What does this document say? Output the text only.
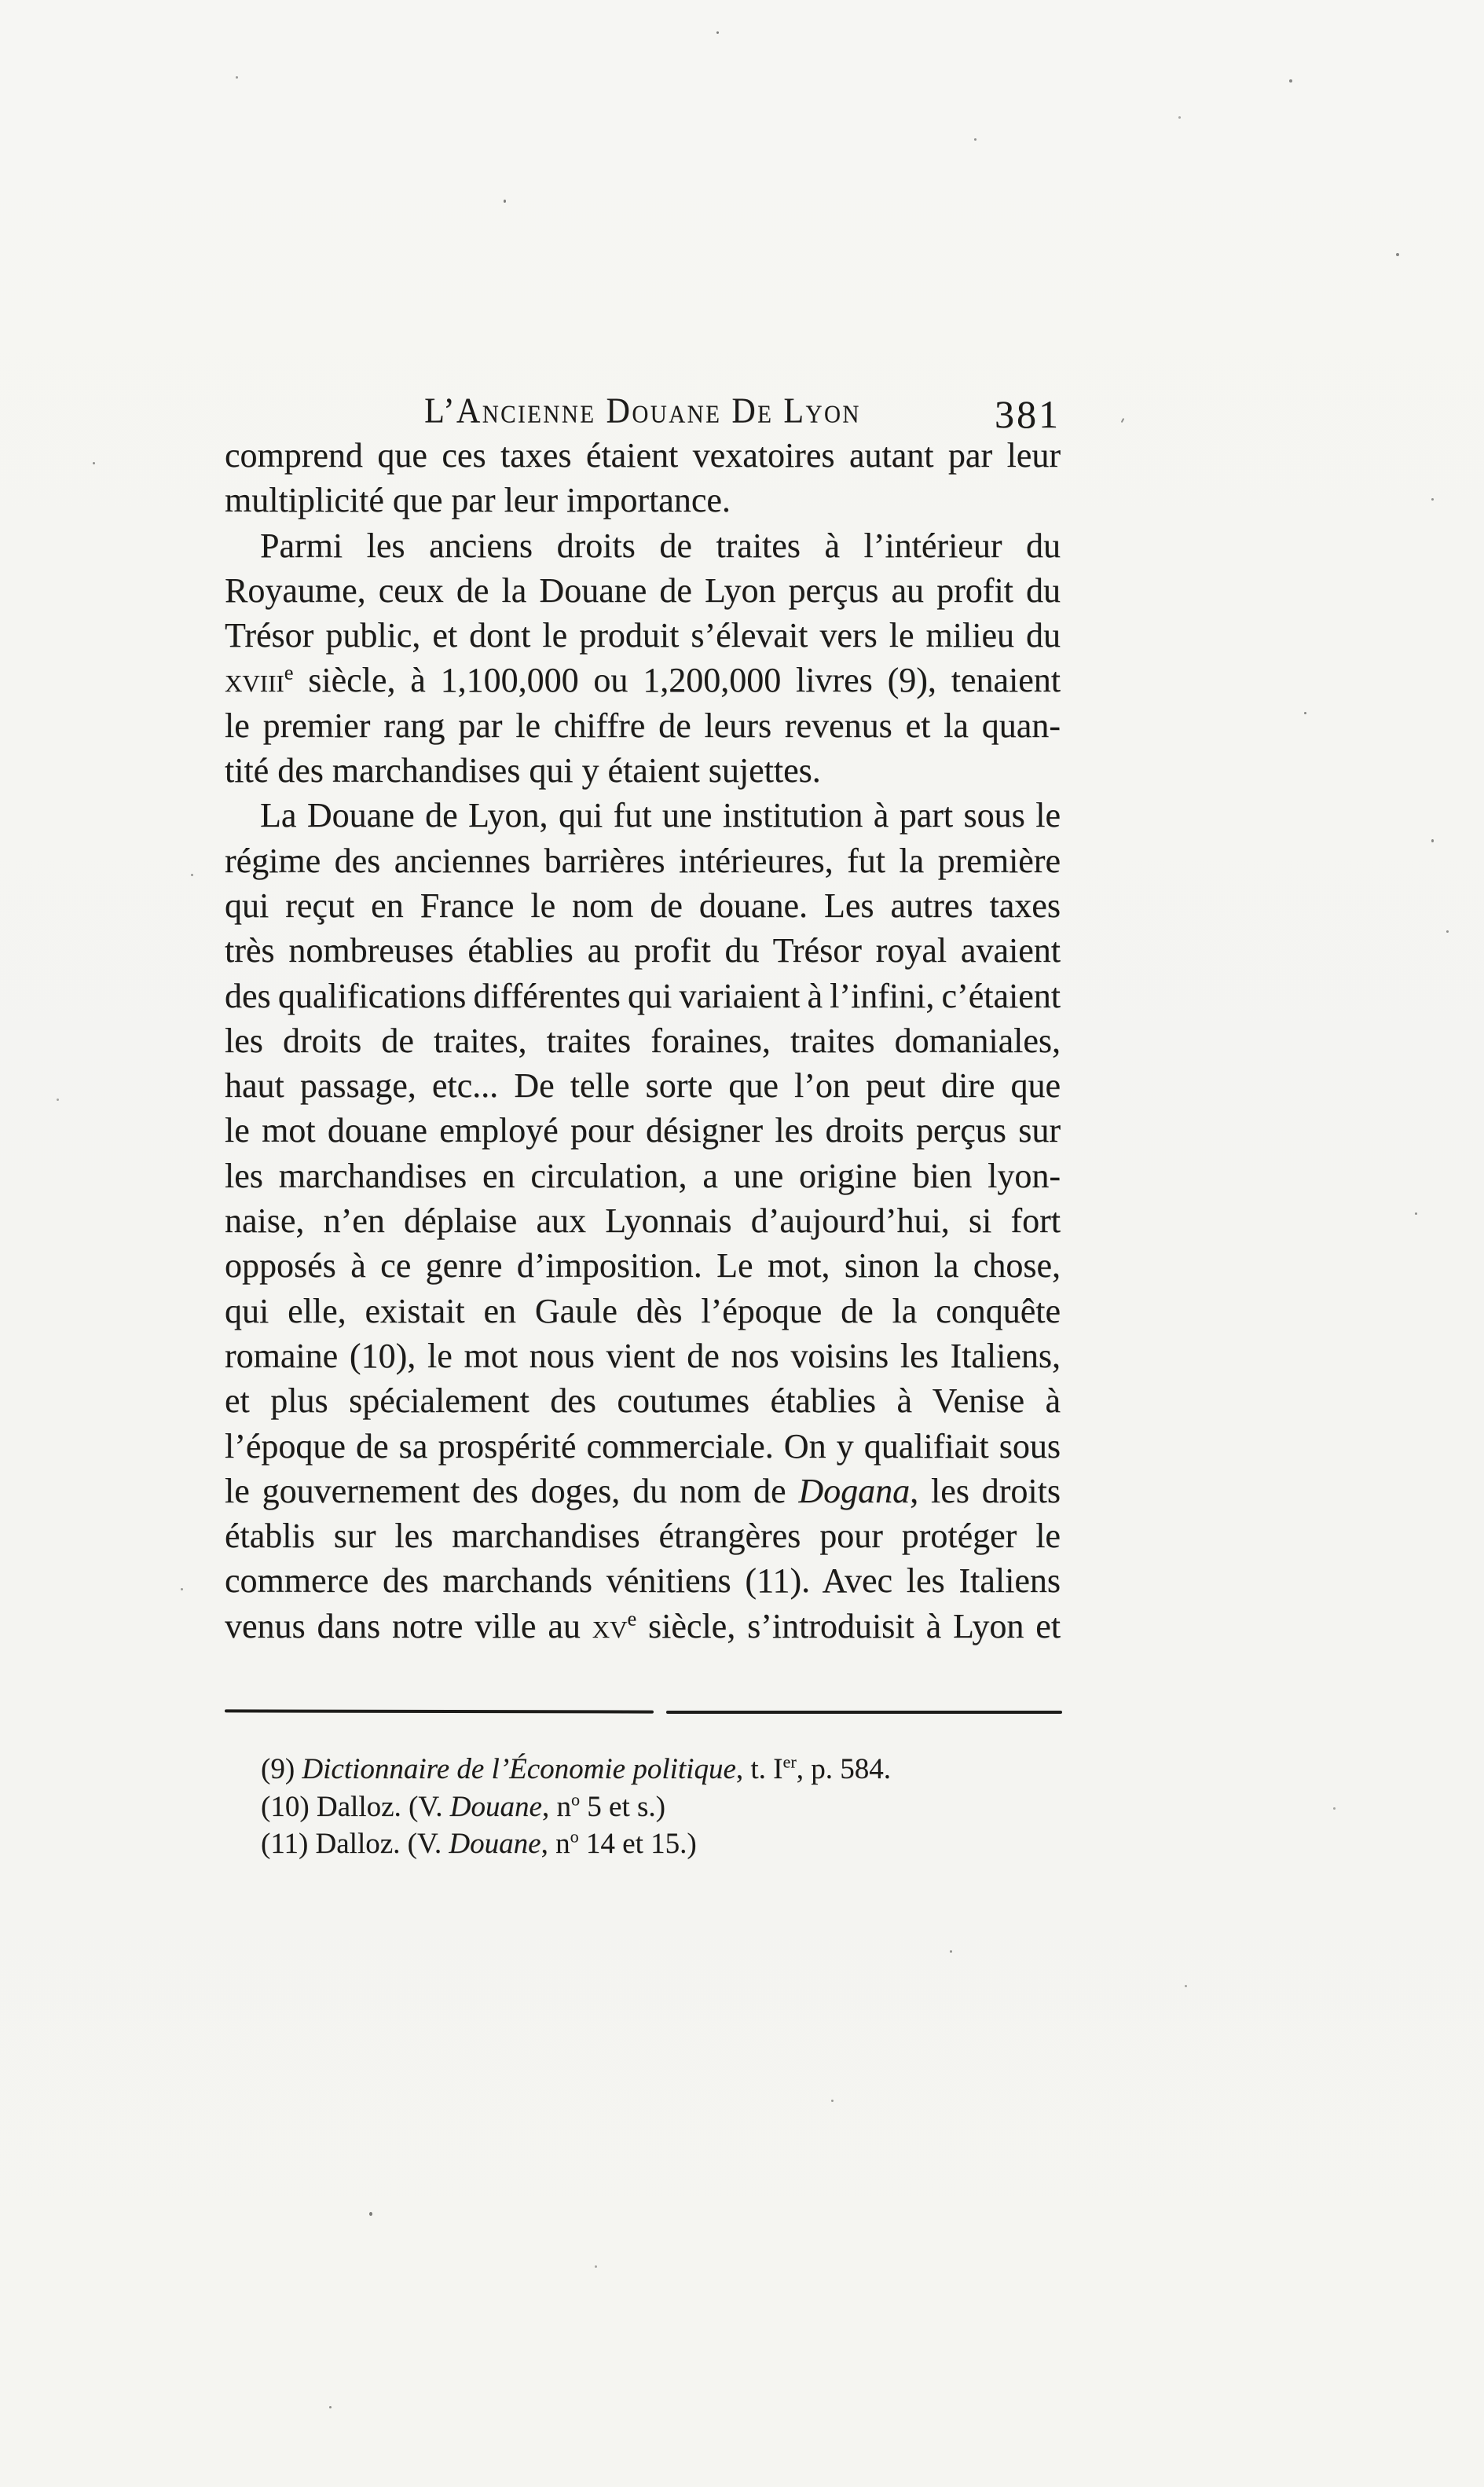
L’Ancienne Douane De Lyon	381
comprend que ces taxes étaient vexatoires autant par leur
multiplicité que par leur importance.
Parmi les anciens droits de traites à l’intérieur du
Royaume, ceux de la Douane de Lyon perçus au profit du
Trésor public, et dont le produit s’élevait vers le milieu du
xviii$^e$ siècle, à 1,100,000 ou 1,200,000 livres (9), tenaient
le premier rang par le chiffre de leurs revenus et la quan-
tité des marchandises qui y étaient sujettes.
La Douane de Lyon, qui fut une institution à part sous le
régime des anciennes barrières intérieures, fut la première
qui reçut en France le nom de douane. Les autres taxes
très nombreuses établies au profit du Trésor royal avaient
des qualifications différentes qui variaient à l’infini, c’étaient
les droits de traites, traites foraines, traites domaniales,
haut passage, etc... De telle sorte que l’on peut dire que
le mot douane employé pour désigner les droits perçus sur
les marchandises en circulation, a une origine bien lyon-
naise, n’en déplaise aux Lyonnais d’aujourd’hui, si fort
opposés à ce genre d’imposition. Le mot, sinon la chose,
qui elle, existait en Gaule dès l’époque de la conquête
romaine (10), le mot nous vient de nos voisins les Italiens,
et plus spécialement des coutumes établies à Venise à
l’époque de sa prospérité commerciale. On y qualifiait sous
le gouvernement des doges, du nom de Dogana, les droits
établis sur les marchandises étrangères pour protéger le
commerce des marchands vénitiens (11). Avec les Italiens
venus dans notre ville au $xv^e$ siècle, s’introduisit à Lyon et
(9) Dictionnaire de l’Économie politique, t. Ier, p. 584.
(10) Dalloz. (V. Douane, $n^o$ 5 et s.)
(11) Dalloz. (V. Douane, $n^o$ 14 et 15.)
